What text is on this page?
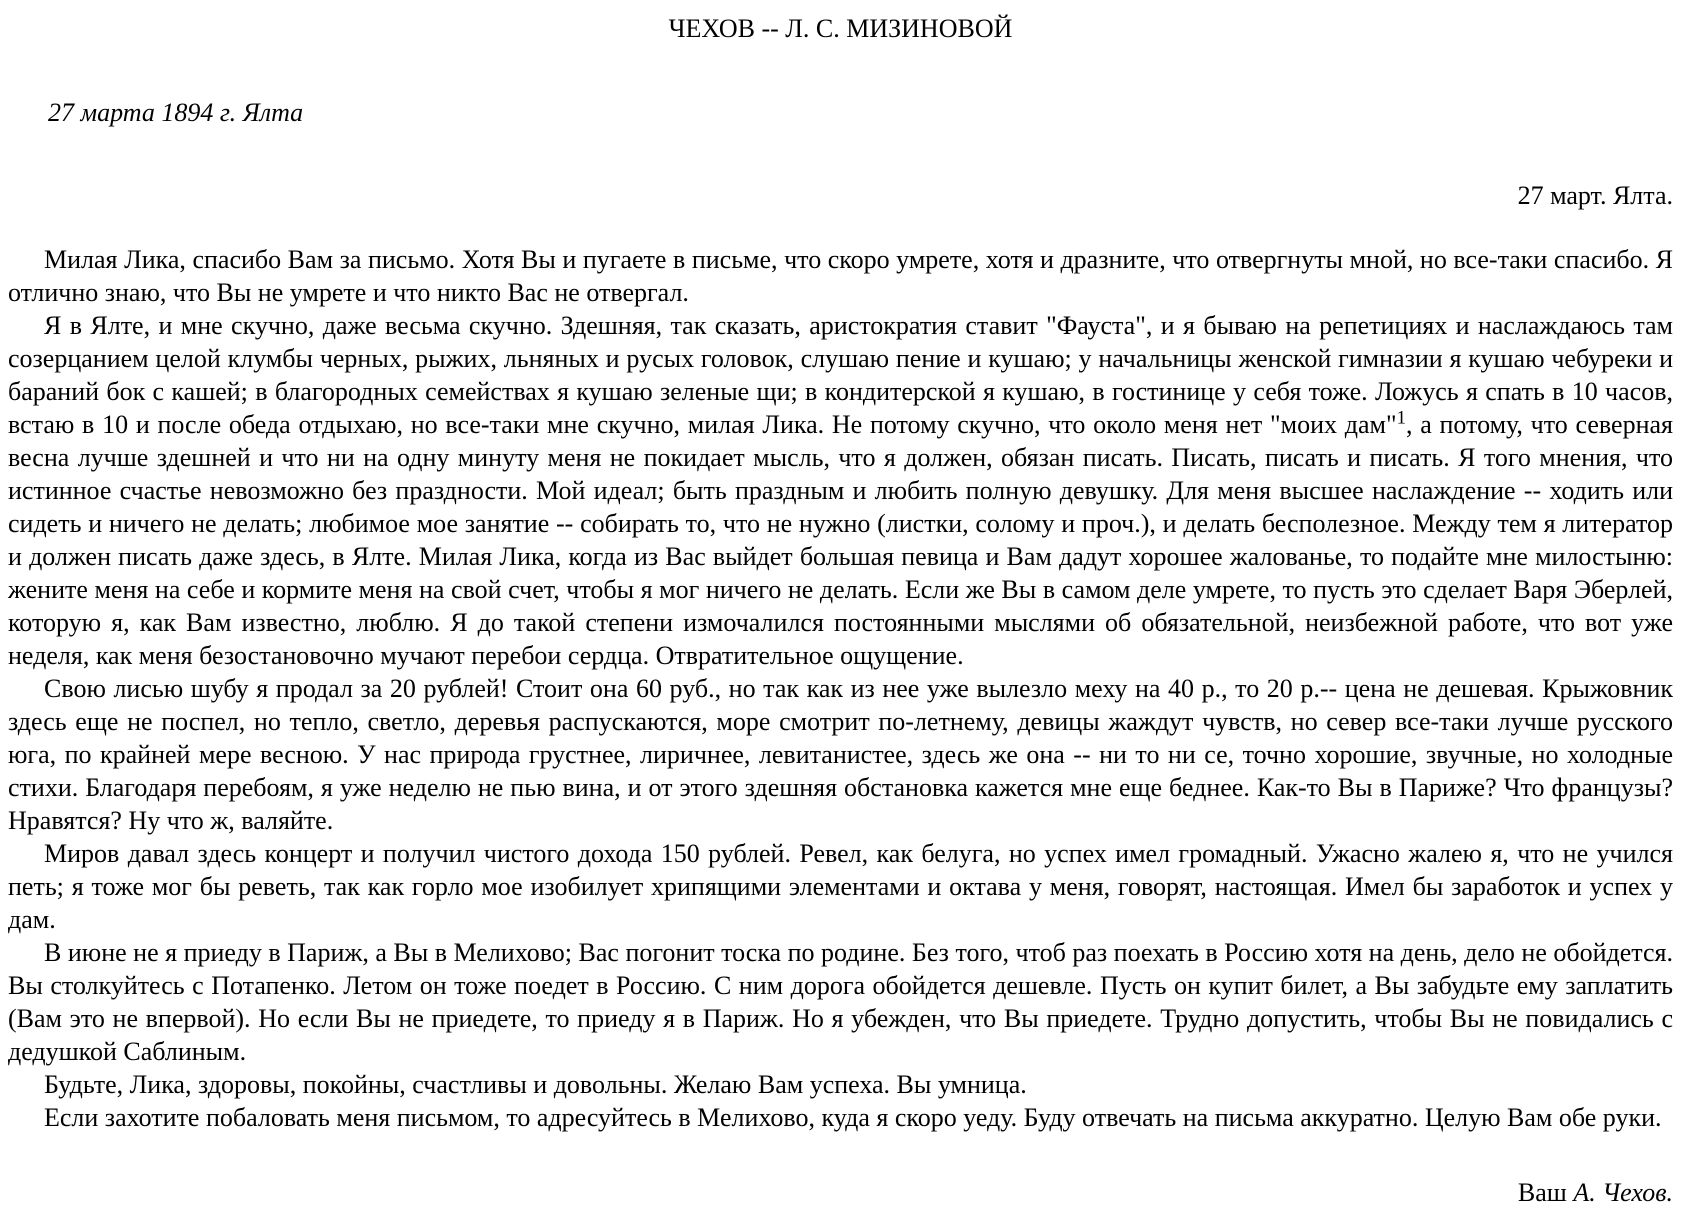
ЧЕХОВ -- Л. С. МИЗИНОВОЙ
27 марта 1894 г. Ялта
27 март. Ялта.

Милая Лика, спасибо Вам за письмо. Хотя Вы и пугаете в письме, что скоро умрете, хотя и дразните, что отвергнуты мной, но все-таки спасибо. Я отлично знаю, что Вы не умрете и что никто Вас не отвергал.

Я в Ялте, и мне скучно, даже весьма скучно. Здешняя, так сказать, аристократия ставит "Фауста", и я бываю на репетициях и наслаждаюсь там созерцанием целой клумбы черных, рыжих, льняных и русых головок, слушаю пение и кушаю; у начальницы женской гимназии я кушаю чебуреки и бараний бок с кашей; в благородных семействах я кушаю зеленые щи; в кондитерской я кушаю, в гостинице у себя тоже. Ложусь я спать в 10 часов, встаю в 10 и после обеда отдыхаю, но все-таки мне скучно, милая Лика. Не потому скучно, что около меня нет "моих дам"$^1$, а потому, что северная весна лучше здешней и что ни на одну минуту меня не покидает мысль, что я должен, обязан писать. Писать, писать и писать. Я того мнения, что истинное счастье невозможно без праздности. Мой идеал; быть праздным и любить полную девушку. Для меня высшее наслаждение -- ходить или сидеть и ничего не делать; любимое мое занятие -- собирать то, что не нужно (листки, солому и проч.), и делать бесполезное. Между тем я литератор и должен писать даже здесь, в Ялте. Милая Лика, когда из Вас выйдет большая певица и Вам дадут хорошее жалованье, то подайте мне милостыню: жените меня на себе и кормите меня на свой счет, чтобы я мог ничего не делать. Если же Вы в самом деле умрете, то пусть это сделает Варя Эберлей, которую я, как Вам известно, люблю. Я до такой степени измочалился постоянными мыслями об обязательной, неизбежной работе, что вот уже неделя, как меня безостановочно мучают перебои сердца. Отвратительное ощущение.

Свою лисью шубу я продал за 20 рублей! Стоит она 60 руб., но так как из нее уже вылезло меху на 40 р., то 20 р.-- цена не дешевая. Крыжовник здесь еще не поспел, но тепло, светло, деревья распускаются, море смотрит по-летнему, девицы жаждут чувств, но север все-таки лучше русского юга, по крайней мере весною. У нас природа грустнее, лиричнее, левитанистее, здесь же она -- ни то ни се, точно хорошие, звучные, но холодные стихи. Благодаря перебоям, я уже неделю не пью вина, и от этого здешняя обстановка кажется мне еще беднее. Как-то Вы в Париже? Что французы? Нравятся? Ну что ж, валяйте.

Миров давал здесь концерт и получил чистого дохода 150 рублей. Ревел, как белуга, но успех имел громадный. Ужасно жалею я, что не учился петь; я тоже мог бы реветь, так как горло мое изобилует хрипящими элементами и октава у меня, говорят, настоящая. Имел бы заработок и успех у дам.

В июне не я приеду в Париж, а Вы в Мелихово; Вас погонит тоска по родине. Без того, чтоб раз поехать в Россию хотя на день, дело не обойдется. Вы столкуйтесь с Потапенко. Летом он тоже поедет в Россию. С ним дорога обойдется дешевле. Пусть он купит билет, а Вы забудьте ему заплатить (Вам это не впервой). Но если Вы не приедете, то приеду я в Париж. Но я убежден, что Вы приедете. Трудно допустить, чтобы Вы не повидались с дедушкой Саблиным.

Будьте, Лика, здоровы, покойны, счастливы и довольны. Желаю Вам успеха. Вы умница.

Если захотите побаловать меня письмом, то адресуйтесь в Мелихово, куда я скоро уеду. Буду отвечать на письма аккуратно. Целую Вам обе руки.

Ваш А. Чехов.
